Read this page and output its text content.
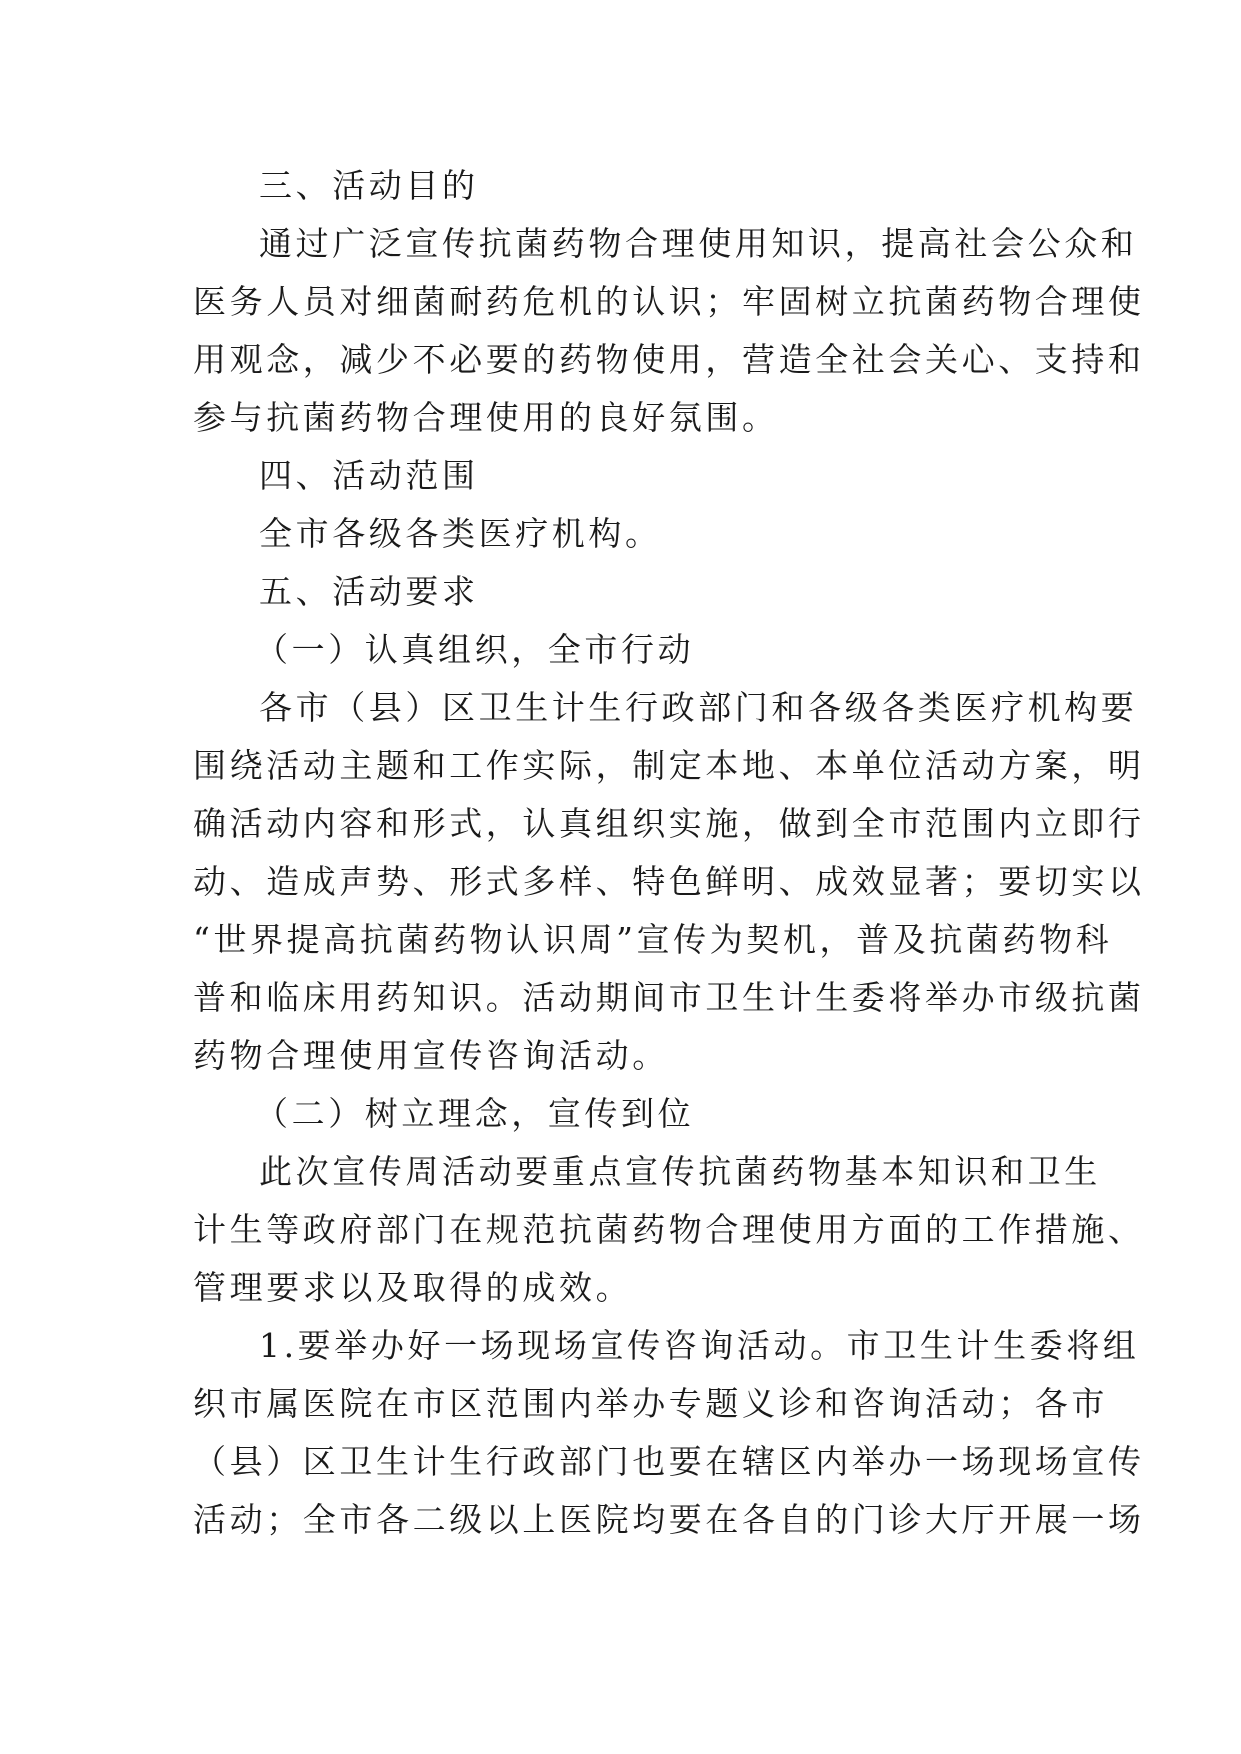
三、活动目的

通过广泛宣传抗菌药物合理使用知识，提高社会公众和
医务人员对细菌耐药危机的认识；牢固树立抗菌药物合理使
用观念，减少不必要的药物使用，营造全社会关心、支持和
参与抗菌药物合理使用的良好氛围。

四、活动范围

全市各级各类医疗机构。

五、活动要求

（一）认真组织，全市行动

各市（县）区卫生计生行政部门和各级各类医疗机构要
围绕活动主题和工作实际，制定本地、本单位活动方案，明
确活动内容和形式，认真组织实施，做到全市范围内立即行
动、造成声势、形式多样、特色鲜明、成效显著；要切实以
“世界提高抗菌药物认识周”宣传为契机，普及抗菌药物科
普和临床用药知识。活动期间市卫生计生委将举办市级抗菌
药物合理使用宣传咨询活动。

（二）树立理念，宣传到位

此次宣传周活动要重点宣传抗菌药物基本知识和卫生
计生等政府部门在规范抗菌药物合理使用方面的工作措施、
管理要求以及取得的成效。

1.要举办好一场现场宣传咨询活动。市卫生计生委将组
织市属医院在市区范围内举办专题义诊和咨询活动；各市
（县）区卫生计生行政部门也要在辖区内举办一场现场宣传
活动；全市各二级以上医院均要在各自的门诊大厅开展一场
